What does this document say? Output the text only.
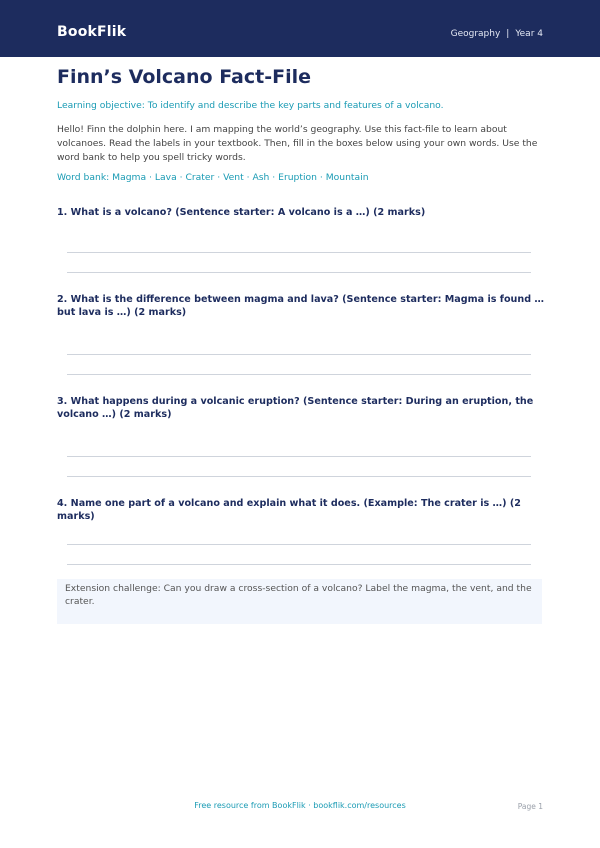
BookFlik	Geography | Year 4
Finn’s Volcano Fact-File
Learning objective: To identify and describe the key parts and features of a volcano.
Hello! Finn the dolphin here. I am mapping the world’s geography. Use this fact-file to learn about volcanoes. Read the labels in your textbook. Then, fill in the boxes below using your own words. Use the word bank to help you spell tricky words.
Word bank: Magma · Lava · Crater · Vent · Ash · Eruption · Mountain
1. What is a volcano? (Sentence starter: A volcano is a …) (2 marks)
2. What is the difference between magma and lava? (Sentence starter: Magma is found … but lava is …) (2 marks)
3. What happens during a volcanic eruption? (Sentence starter: During an eruption, the volcano …) (2 marks)
4. Name one part of a volcano and explain what it does. (Example: The crater is …) (2 marks)
Extension challenge: Can you draw a cross-section of a volcano? Label the magma, the vent, and the crater.
Free resource from BookFlik · bookflik.com/resources	Page 1
